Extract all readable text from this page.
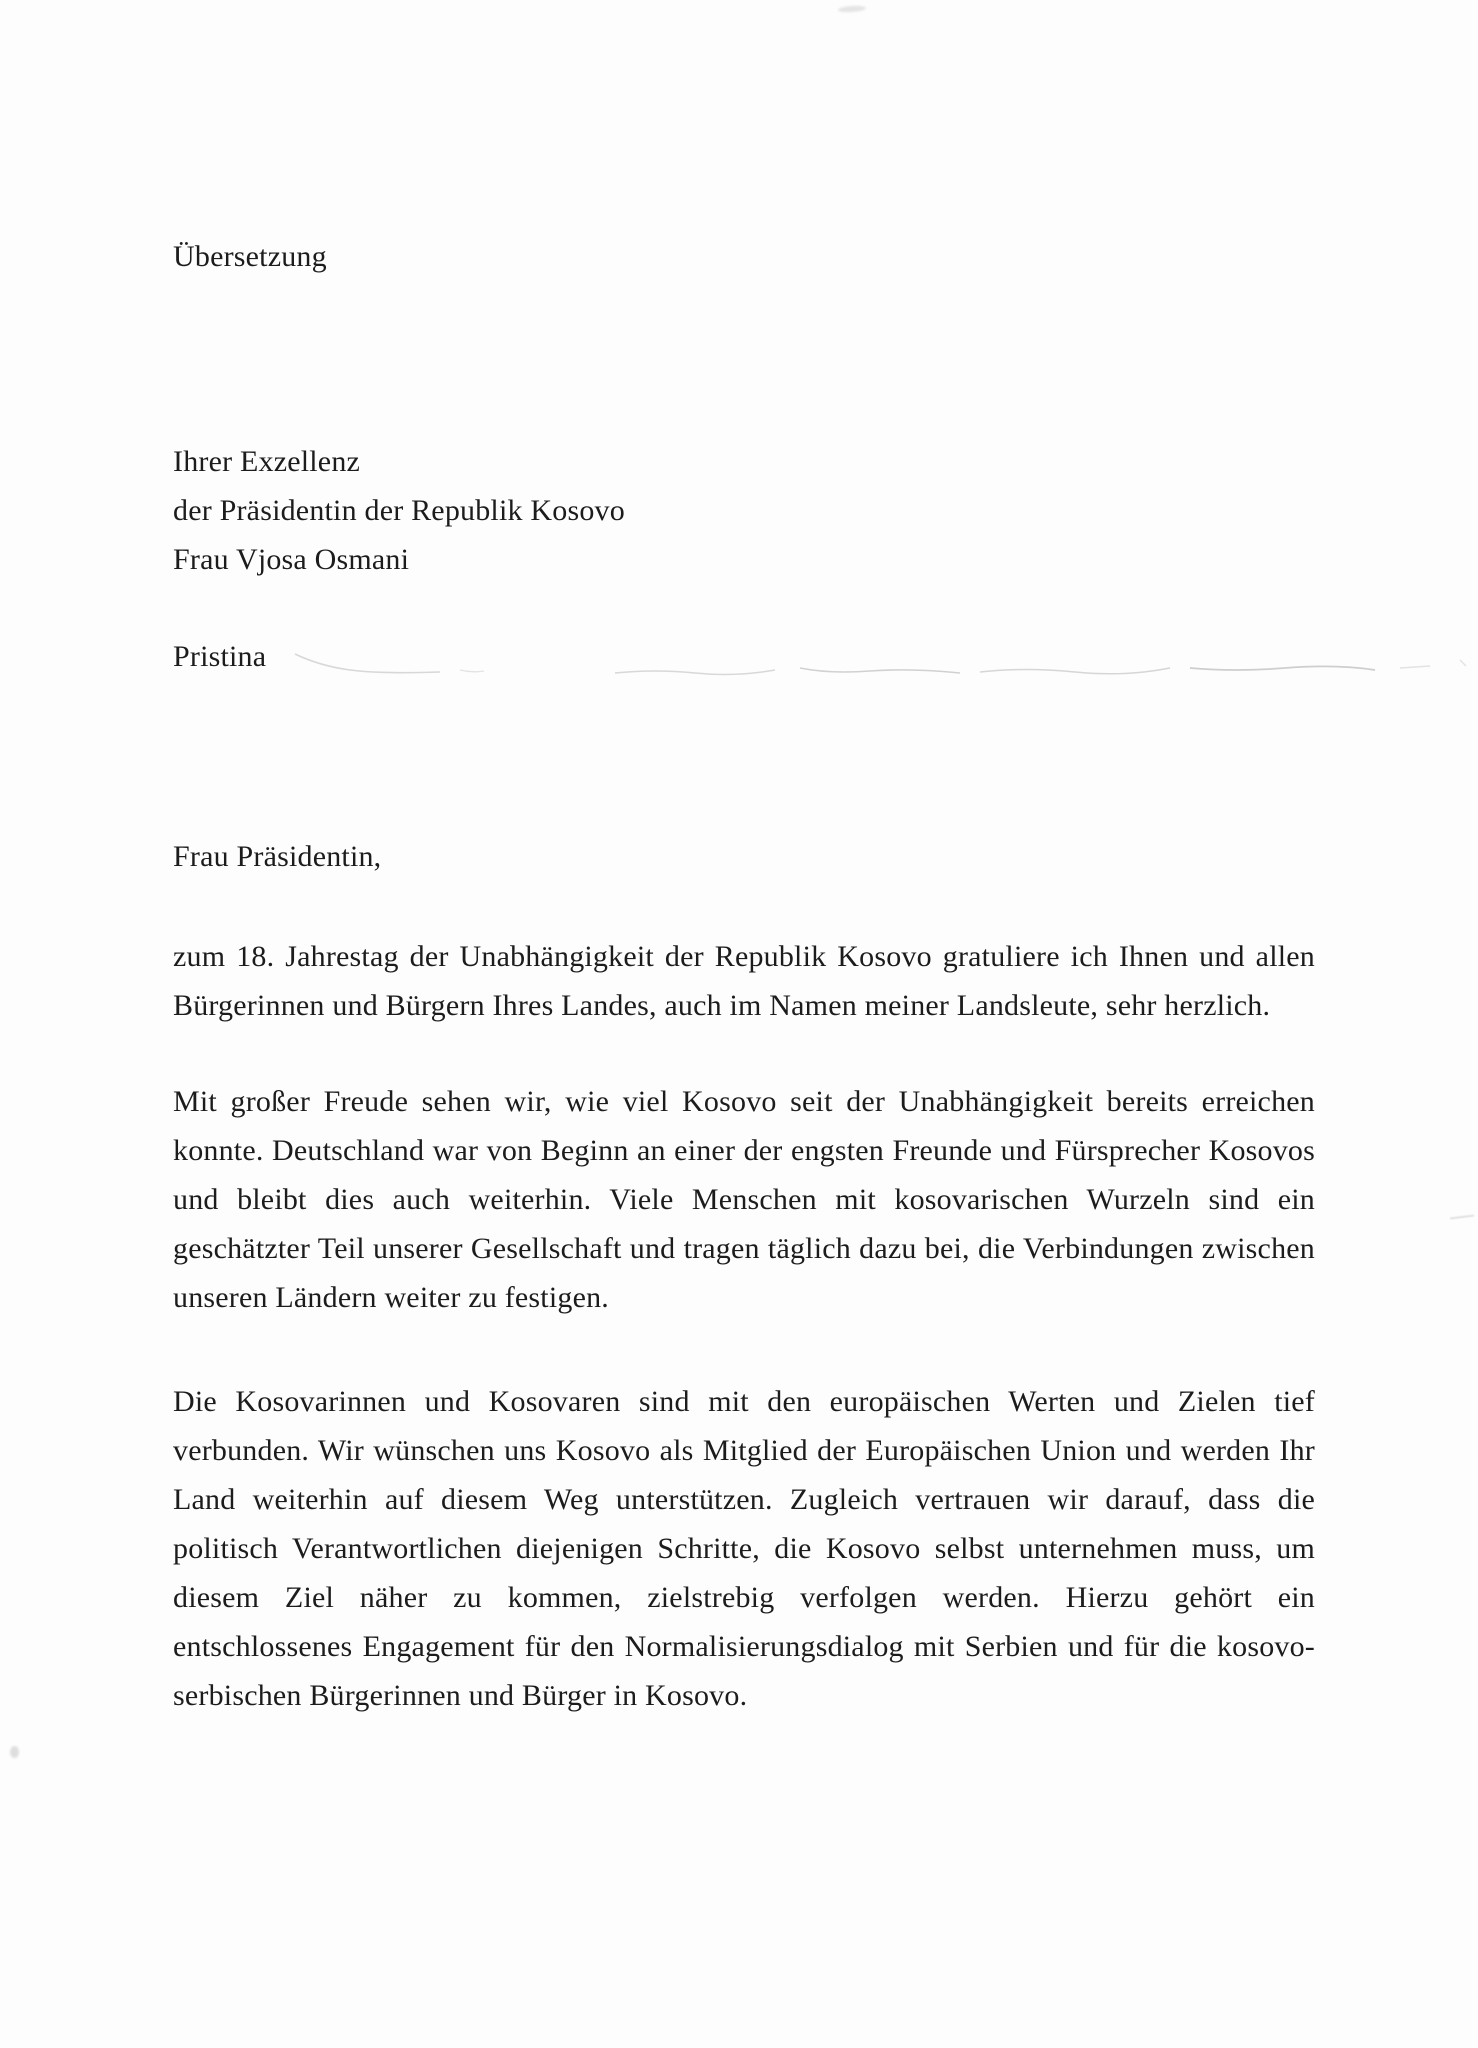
Übersetzung
Ihrer Exzellenz
der Präsidentin der Republik Kosovo
Frau Vjosa Osmani
Pristina
Frau Präsidentin,

zum 18. Jahrestag der Unabhängigkeit der Republik Kosovo gratuliere ich Ihnen und allen Bürgerinnen und Bürgern Ihres Landes, auch im Namen meiner Landsleute, sehr herzlich.

Mit großer Freude sehen wir, wie viel Kosovo seit der Unabhängigkeit bereits erreichen konnte. Deutschland war von Beginn an einer der engsten Freunde und Fürsprecher Kosovos und bleibt dies auch weiterhin. Viele Menschen mit kosovarischen Wurzeln sind ein geschätzter Teil unserer Gesellschaft und tragen täglich dazu bei, die Verbindungen zwischen unseren Ländern weiter zu festigen.

Die Kosovarinnen und Kosovaren sind mit den europäischen Werten und Zielen tief verbunden. Wir wünschen uns Kosovo als Mitglied der Europäischen Union und werden Ihr Land weiterhin auf diesem Weg unterstützen. Zugleich vertrauen wir darauf, dass die politisch Verantwortlichen diejenigen Schritte, die Kosovo selbst unternehmen muss, um diesem Ziel näher zu kommen, zielstrebig verfolgen werden. Hierzu gehört ein entschlossenes Engagement für den Normalisierungsdialog mit Serbien und für die kosovo-serbischen Bürgerinnen und Bürger in Kosovo.
